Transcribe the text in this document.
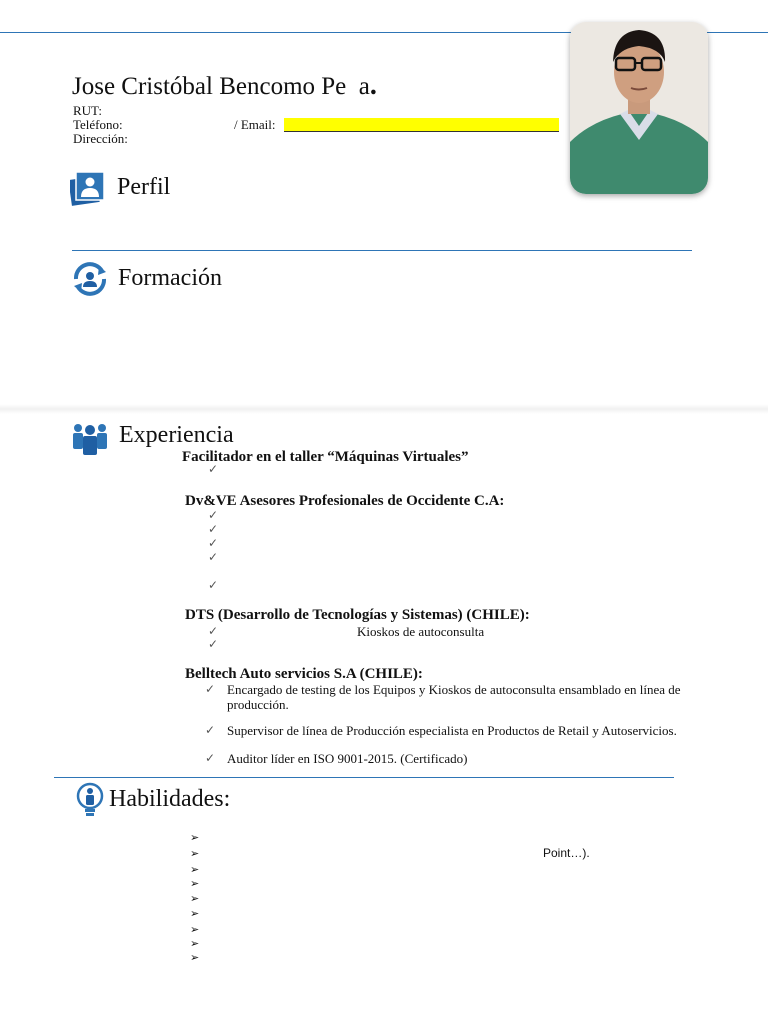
Jose Cristóbal Bencomo Pe  a.
RUT:
Teléfono:	/ Email:
Dirección:
Perfil
Formación
Experiencia
Facilitador en el taller “Máquinas Virtuales”
✓
Dv&VE Asesores Profesionales de Occidente C.A:
✓
✓
✓
✓
✓
DTS (Desarrollo de Tecnologías y Sistemas) (CHILE):
✓	Kioskos de autoconsulta
✓
Belltech Auto servicios S.A (CHILE):
✓ Encargado de testing de los Equipos y Kioskos de autoconsulta ensamblado en línea de producción.
✓ Supervisor de línea de Producción especialista en Productos de Retail y Autoservicios.
✓ Auditor líder en ISO 9001-2015. (Certificado)
Habilidades:
➢
➢	Point…).
➢
➢
➢
➢
➢
➢
➢
